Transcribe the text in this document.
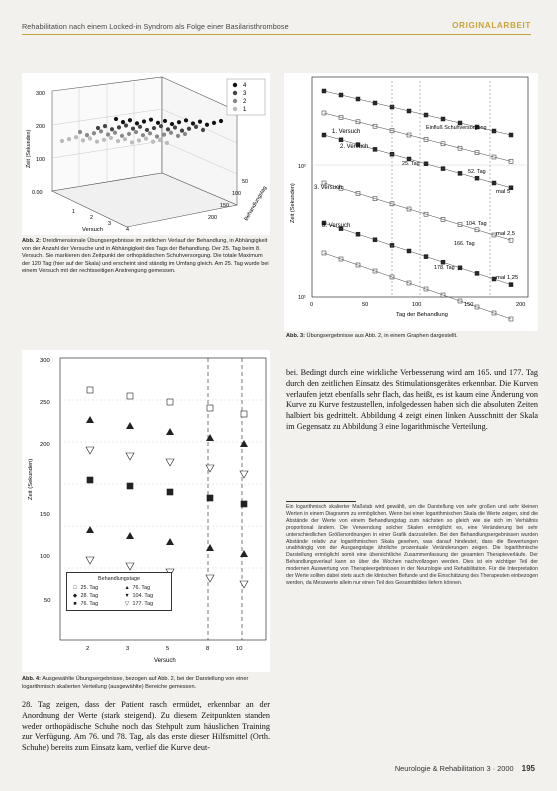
Rehabilitation nach einem Locked-in Syndrom als Folge einer Basilaristhrombose	ORIGINALARBEIT
4
3
2
1
300
200
100
0.00
1
2
3
4
50
100
150
200
Versuch
Behandlungstag
Zeit (Sekunden)
Abb. 2: Dreidimensionale Übungsergebnisse im zeitlichen Verlauf der Behandlung, in Abhängigkeit von der Anzahl der Versuche und in Abhängigkeit des Tags der Behandlung. Der 25. Tag beim 8. Versuch. Sie markieren den Zeitpunkt der orthopädischen Schuhversorgung. Die totale Maximum der 120 Tag (hier auf der Skala) und erscheint sind ständig im Umfang gleich. Am 25. Tag wurde bei einem Versuch mit der rechtsseitigen Anstrengung gemessen.
1. Versuch
2. Versuch
3. Versuch
8. Versuch
Einfluß Schuhversorgung
25. Tag
52. Tag
104. Tag
mal 5
mal 2,5
mal 1,25
166. Tag
178. Tag
10²
10¹
Zeit (Sekunden)
0	50	100	150	200
Tag der Behandlung
Abb. 3: Übungsergebnisse aus Abb. 2, in einem Graphen dargestellt.
300
250
200
150
100
50
Zeit (Sekunden)
2	3	5	8	10
Versuch
Behandlungstage
□ 25. Tag	▲ 76. Tag
◆ 28. Tag	▼ 104. Tag
■ 76. Tag	▽ 177. Tag
Abb. 4: Ausgewählte Übungsergebnisse, bezogen auf Abb. 2, bei der Darstellung von einer logarithmisch skalierten Verteilung (ausgewählte) Bereiche gemessen.
bei. Bedingt durch eine wirkliche Verbesserung wird am 165. und 177. Tag durch den zeitlichen Einsatz des Stimulationsgerätes erkennbar. Die Kurven verlaufen jetzt ebenfalls sehr flach, das heißt, es ist kaum eine Änderung von Kurve zu Kurve festzustellen, infolgedessen haben sich die absoluten Zeiten halbiert bis gedrittelt. Abbildung 4 zeigt einen linken Ausschnitt der Skala im Gegensatz zu Abbildung 3 eine logarithmische Verteilung.
28. Tag zeigen, dass der Patient rasch ermüdet, erkennbar an der Anordnung der Werte (stark steigend). Zu diesem Zeitpunkten standen weder orthopädische Schuhe noch das Stehpult zum häuslichen Training zur Verfügung. Am 76. und 78. Tag, als das erste dieser Hilfsmittel (Orth. Schuhe) bereits zum Einsatz kam, verlief die Kurve deut-
Ein logarithmisch skalierter Maßstab wird gewählt, um die Darstellung von sehr großen und sehr kleinen Werten in einem Diagramm zu ermöglichen. Wenn bei einer logarithmischen Skala die Werte zeigen, sind die Abstände der Werte von einem Behandlungstag zum nächsten so gleich wie sie sich im Verhältnis proportional ändern. Die Verwendung solcher Skalen ermöglicht es, eine Veränderung bei sehr unterschiedlichen Größenordnungen in einer Grafik darzustellen. Bei den Behandlungsergebnissen wurden Abstände relativ zur logarithmischen Skala gesehen, was darauf hindeutet, dass die Bewertungen unabhängig von der Ausgangslage ähnliche prozentuale Veränderungen zeigen. Die logarithmische Darstellung ermöglicht somit eine übersichtliche Zusammenfassung der gesamten Therapieverläufe. Der Behandlungsverlauf kann so über die Wochen nachvollzogen werden. Dies ist ein wichtiger Teil der modernen Auswertung von Therapieergebnissen in der Neurologie und Rehabilitation. Für die Interpretation der Werte sollten dabei stets auch die klinischen Befunde und die Einschätzung des Therapeuten einbezogen werden, da Messwerte allein nur einen Teil des Gesamtbildes liefern können.
Neurologie & Rehabilitation 3 · 2000 195
